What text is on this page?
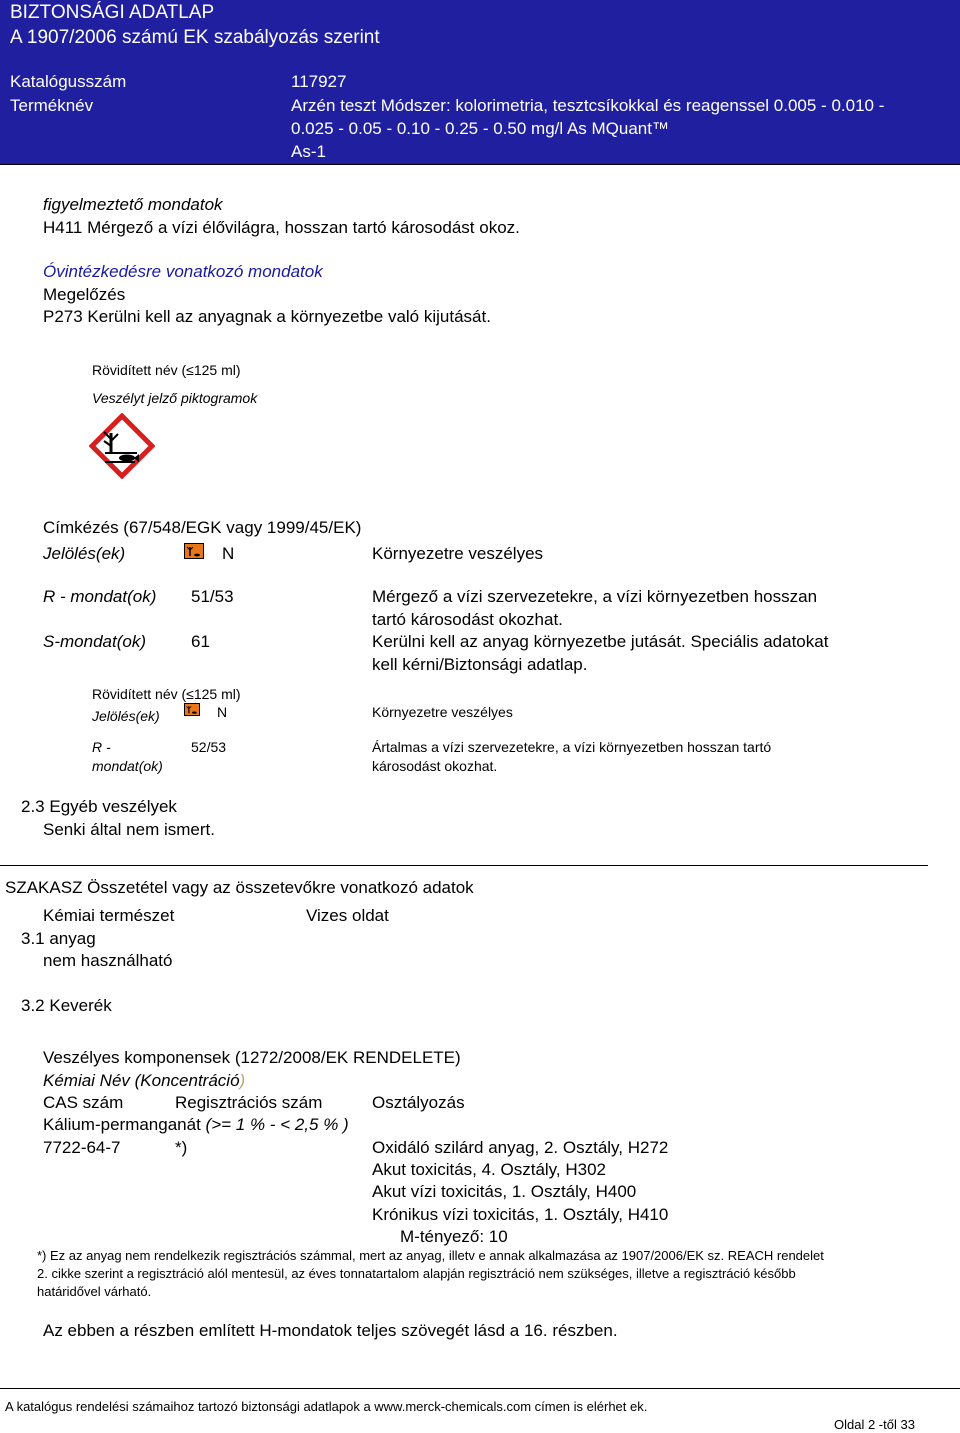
BIZTONSÁGI ADATLAP
A 1907/2006 számú EK szabályozás szerint
Katalógusszám	117927
Terméknév	Arzén teszt Módszer: kolorimetria, tesztcsíkokkal és reagenssel 0.005 - 0.010 -
0.025 - 0.05 - 0.10 - 0.25 - 0.50 mg/l As MQuant™
As-1
figyelmeztető mondatok
H411 Mérgező a vízi élővilágra, hosszan tartó károsodást okoz.
Óvintézkedésre vonatkozó mondatok
Megelőzés
P273 Kerülni kell az anyagnak a környezetbe való kijutását.
Rövidített név (≤125 ml)
Veszélyt jelző piktogramok
Címkézés (67/548/EGK vagy 1999/45/EK)
Jelölés(ek)	N	Környezetre veszélyes
R - mondat(ok) 51/53	Mérgező a vízi szervezetekre, a vízi környezetben hosszan
tartó károsodást okozhat.
S-mondat(ok)	61	Kerülni kell az anyag környezetbe jutását. Speciális adatokat
kell kérni/Biztonsági adatlap.
Rövidített név (≤125 ml)
Jelölés(ek)	N	Környezetre veszélyes
R -
mondat(ok)
52/53	Ártalmas a vízi szervezetekre, a vízi környezetben hosszan tartó
károsodást okozhat.
2.3 Egyéb veszélyek
Senki által nem ismert.
SZAKASZ Összetétel vagy az összetevőkre vonatkozó adatok
Kémiai természet	Vizes oldat
3.1 anyag
nem használható
3.2 Keverék
Veszélyes komponensek (1272/2008/EK RENDELETE)
Kémiai Név (Koncentráció)
CAS szám	Regisztrációs szám	Osztályozás
Kálium-permanganát (>= 1 % - < 2,5 % )
7722-64-7	*)	Oxidáló szilárd anyag, 2. Osztály, H272
Akut toxicitás, 4. Osztály, H302
Akut vízi toxicitás, 1. Osztály, H400
Krónikus vízi toxicitás, 1. Osztály, H410
M-tényező: 10
*) Ez az anyag nem rendelkezik regisztrációs számmal, mert az anyag, illetv e annak alkalmazása az 1907/2006/EK sz. REACH rendelet
2. cikke szerint a regisztráció alól mentesül, az éves tonnatartalom alapján regisztráció nem szükséges, illetve a regisztráció később
határidővel várható.
Az ebben a részben említett H-mondatok teljes szövegét lásd a 16. részben.
A katalógus rendelési számaihoz tartozó biztonsági adatlapok a www.merck-chemicals.com címen is elérhet ek.
Oldal 2 -től 33
